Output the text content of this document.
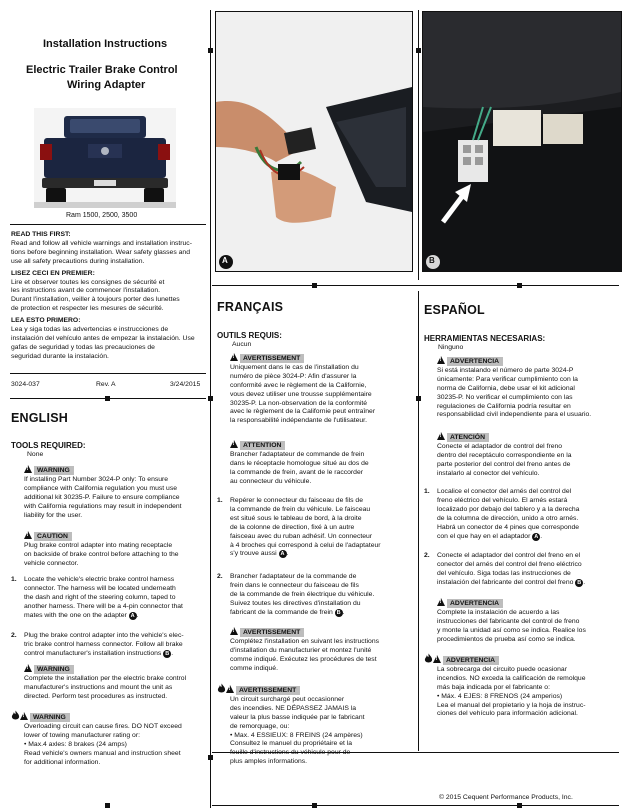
Installation Instructions
Electric Trailer Brake Control
Wiring Adapter
Ram 1500, 2500, 3500
READ THIS FIRST:
Read and follow all vehicle warnings and installation instruc-
tions before beginning installation. Wear safety glasses and
use all safety precautions during installation.
LISEZ CECI EN PREMIER:
Lire et observer toutes les consignes de sécurité et
les instructions avant de commencer l'installation.
Durant l'installation, veiller à toujours porter des lunettes
de protection et respecter les mesures de sécurité.
LEA ESTO PRIMERO:
Lea y siga todas las advertencias e instrucciones de
instalación del vehículo antes de empezar la instalación. Use
gafas de seguridad y todas las precauciones de
seguridad durante la instalación.
3024-037	Rev. A	3/24/2015
ENGLISH
TOOLS REQUIRED:
None
!WARNING
If installing Part Number 3024-P only: To ensure
compliance with California regulation you must use
additional kit 30235-P. Failure to ensure compliance
with California regulations may result in independent
liability for the user.
!CAUTION
Plug brake control adapter into mating receptacle
on backside of brake control before attaching to the
vehicle connector.
1. Locate the vehicle's electric brake control harness
connector. The harness will be located underneath
the dash and right of the steering column, taped to
another harness. There will be a 4-pin connector that
mates with the one on the adapter A .
2. Plug the brake control adapter into the vehicle's elec-
tric brake control harness connector. Follow all brake
control manufacturer's installation instructions B .
!WARNING
Complete the installation per the electric brake control
manufacturer's instructions and mount the unit as
directed. Perform test procedures as instructed.
!WARNING
Overloading circuit can cause fires. DO NOT exceed
lower of towing manufacturer rating or:
• Max.4 axles: 8 brakes (24 amps)
Read vehicle's owners manual and instruction sheet
for additional information.
A	B
FRANÇAIS
OUTILS REQUIS:
Aucun
!AVERTISSEMENT
Uniquement dans le cas de l'installation du
numéro de pièce 3024-P: Afin d'assurer la
conformité avec le règlement de la Californie,
vous devez utiliser une trousse supplémentaire
30235-P. La non-observation de la conformité
avec le règlement de la Californie peut entraîner
la responsabilité indépendante de l'utilisateur.
!ATTENTION
Brancher l'adaptateur de commande de frein
dans le réceptacle homologue situé au dos de
la commande de frein, avant de le raccorder
au connecteur du véhicule.
1. Repérer le connecteur du faisceau de fils de
la commande de frein du véhicule. Le faisceau
est situé sous le tableau de bord, à la droite
de la colonne de direction, fixé à un autre
faisceau avec du ruban adhésif. Un connecteur
à 4 broches qui correspond à celui de l'adaptateur
s'y trouve aussi A .
2. Brancher l'adaptateur de la commande de
frein dans le connecteur du faisceau de fils
de la commande de frein électrique du véhicule.
Suivez toutes les directives d'installation du
fabricant de la commande de frein B .
!AVERTISSEMENT
Complétez l'installation en suivant les instructions
d'installation du manufacturier et montez l'unité
comme indiqué. Exécutez les procédures de test
comme indiqué.
!AVERTISSEMENT
Un circuit surchargé peut occasionner
des incendies. NE DÉPASSEZ JAMAIS la
valeur la plus basse indiquée par le fabricant
de remorquage, ou:
• Max. 4 ESSIEUX: 8 FREINS (24 ampères)
Consultez le manuel du propriétaire et la
feuille d'instructions du véhicule pour de
plus amples informations.
ESPAÑOL
HERRAMIENTAS NECESARIAS:
Ninguno
!ADVERTENCIA
Si está instalando el número de parte 3024-P
únicamente: Para verificar cumplimiento con la
norma de California, debe usar el kit adicional
30235-P. No verificar el cumplimiento con las
regulaciones de California podría resultar en
responsabilidad civil independiente para el usuario.
!ATENCIÓN
Conecte el adaptador de control del freno
dentro del receptáculo correspondiente en la
parte posterior del control del freno antes de
instalarlo al conector del vehículo.
1. Localice el conector del arnés del control del
freno eléctrico del vehículo. El arnés estará
localizado por debajo del tablero y a la derecha
de la columna de dirección, unido a otro arnés.
Habrá un conector de 4 pines que corresponde
con el que hay en el adaptador A .
2. Conecte el adaptador del control del freno en el
conector del arnés del control del freno eléctrico
del vehículo. Siga todas las instrucciones de
instalación del fabricante del control del freno B .
!ADVERTENCIA
Complete la instalación de acuerdo a las
instrucciones del fabricante del control de freno
y monte la unidad así como se indica. Realice los
procedimientos de prueba así como se indica.
!ADVERTENCIA
La sobrecarga del circuito puede ocasionar
incendios. NO exceda la calificación de remolque
más baja indicada por el fabricante o:
• Máx. 4 EJES: 8 FRENOS (24 amperios)
Lea el manual del propietario y la hoja de instruc-
ciones del vehículo para información adicional.
© 2015 Cequent Performance Products, Inc.
